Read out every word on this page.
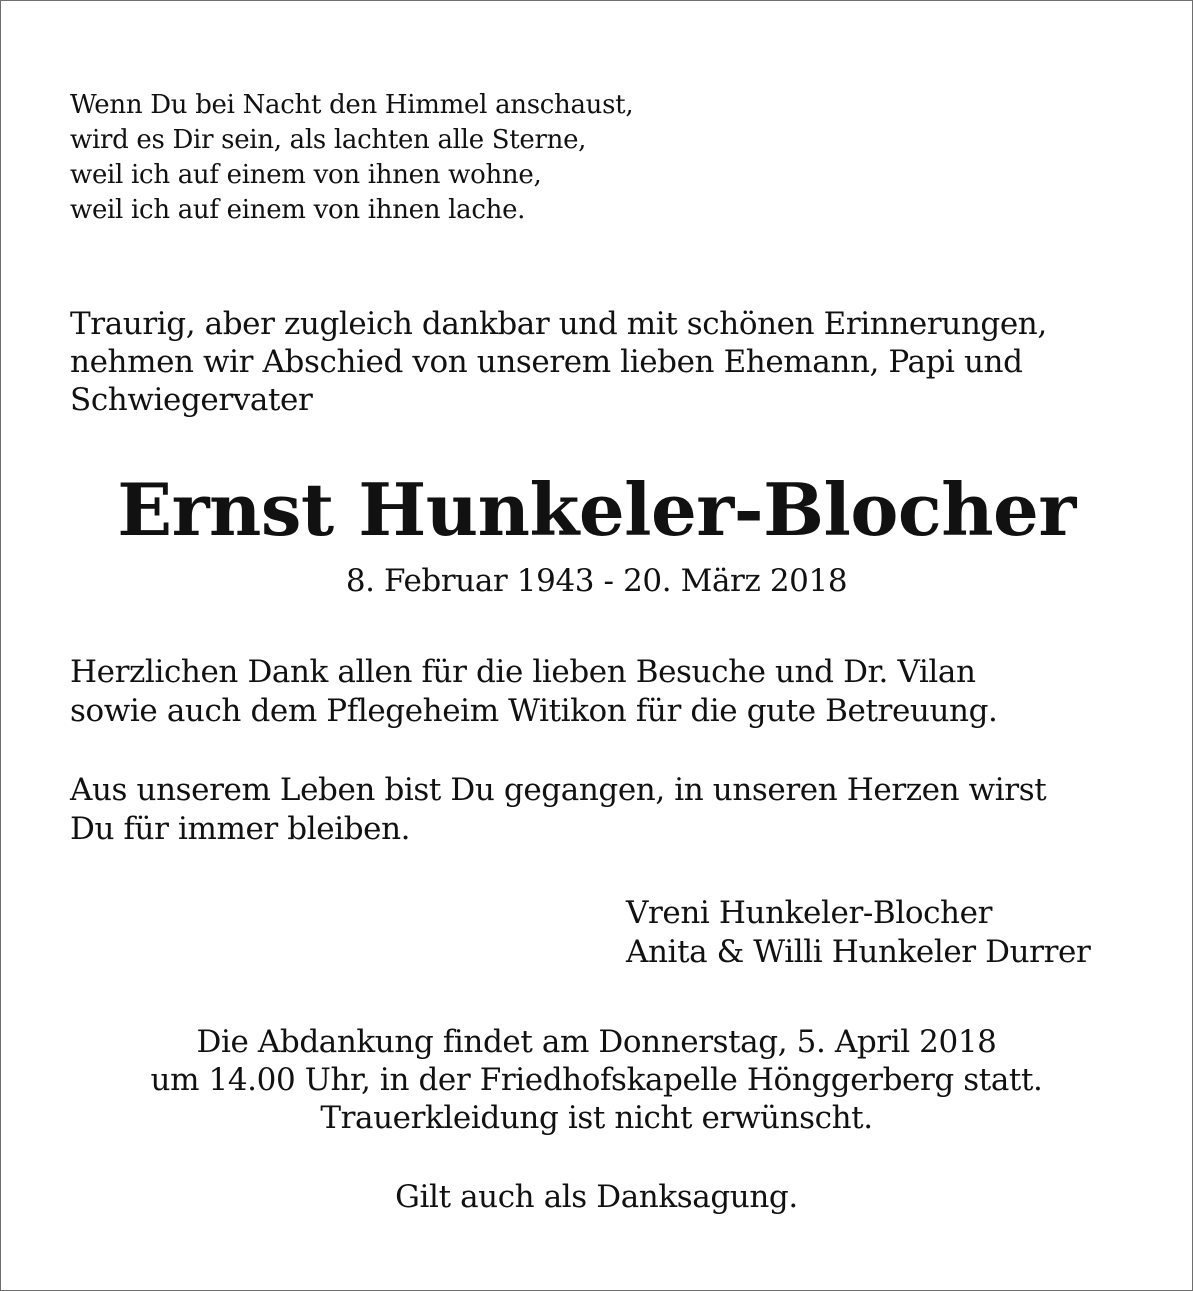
Wenn Du bei Nacht den Himmel anschaust,
wird es Dir sein, als lachten alle Sterne,
weil ich auf einem von ihnen wohne,
weil ich auf einem von ihnen lache.
Traurig, aber zugleich dankbar und mit schönen Erinnerungen,
nehmen wir Abschied von unserem lieben Ehemann, Papi und
Schwiegervater
Ernst Hunkeler-Blocher
8. Februar 1943 - 20. März 2018
Herzlichen Dank allen für die lieben Besuche und Dr. Vilan
sowie auch dem Pflegeheim Witikon für die gute Betreuung.
Aus unserem Leben bist Du gegangen, in unseren Herzen wirst
Du für immer bleiben.
Vreni Hunkeler-Blocher
Anita & Willi Hunkeler Durrer
Die Abdankung findet am Donnerstag, 5. April 2018
um 14.00 Uhr, in der Friedhofskapelle Hönggerberg statt.
Trauerkleidung ist nicht erwünscht.
Gilt auch als Danksagung.
